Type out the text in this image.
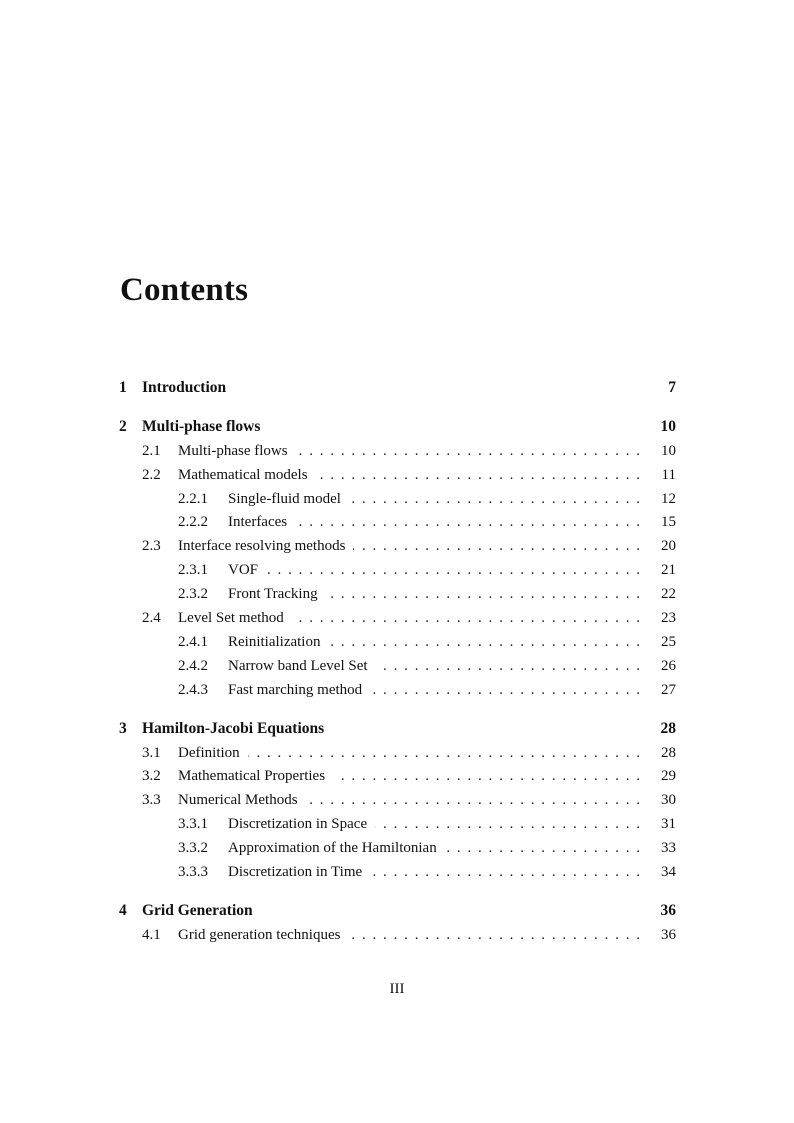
Contents
1 Introduction	7
2 Multi-phase flows	10
2.1 Multi-phase flows	10
. . .
2.2 Mathematical models	11
. . .
2.2.1 Single-fluid model	12
. . .
2.2.2 Interfaces	15
. . .
2.3 Interface resolving methods	20
. . .
2.3.1 VOF	21
. . .
2.3.2 Front Tracking	22
. . .
2.4 Level Set method	23
. . .
2.4.1 Reinitialization	25
. . .
2.4.2 Narrow band Level Set	26
. . .
2.4.3 Fast marching method	27
. . .
3 Hamilton-Jacobi Equations	28
3.1 Definition	28
. . .
3.2 Mathematical Properties	29
. . .
3.3 Numerical Methods	30
. . .
3.3.1 Discretization in Space	31
. . .
3.3.2 Approximation of the Hamiltonian	33
. . .
3.3.3 Discretization in Time	34
. . .
4 Grid Generation	36
4.1 Grid generation techniques	36
. . .
III
